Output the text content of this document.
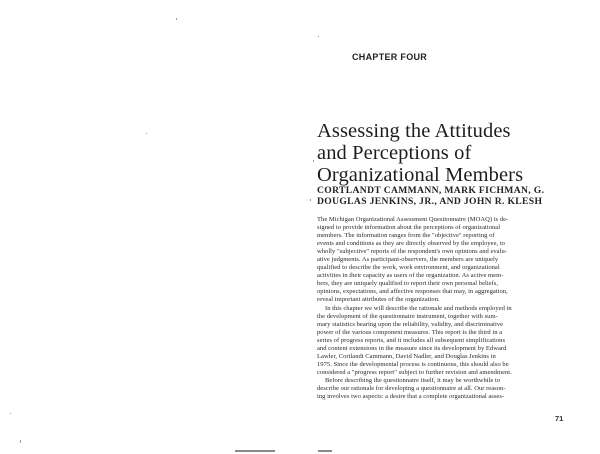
CHAPTER FOUR
Assessing the Attitudes
and Perceptions of
Organizational Members
CORTLANDT CAMMANN, MARK FICHMAN, G.
DOUGLAS JENKINS, JR., AND JOHN R. KLESH
The Michigan Organizational Assessment Questionnaire (MOAQ) is de-
signed to provide information about the perceptions of organizational
members. The information ranges from the "objective" reporting of
events and conditions as they are directly observed by the employee, to
wholly "subjective" reports of the respondent's own opinions and evalu-
ative judgments. As participant-observers, the members are uniquely
qualified to describe the work, work environment, and organizational
activities in their capacity as users of the organization. As active mem-
bers, they are uniquely qualified to report their own personal beliefs,
opinions, expectations, and affective responses that may, in aggregation,
reveal important attributes of the organization.
In this chapter we will describe the rationale and methods employed in
the development of the questionnaire instrument, together with sum-
mary statistics bearing upon the reliability, validity, and discriminative
power of the various component measures. This report is the third in a
series of progress reports, and it includes all subsequent simplifications
and content extensions in the measure since its development by Edward
Lawler, Cortlandt Cammann, David Nadler, and Douglas Jenkins in
1975. Since the developmental process is continuous, this should also be
considered a "progress report" subject to further revision and amendment.
Before describing the questionnaire itself, it may be worthwhile to
describe our rationale for developing a questionnaire at all. Our reason-
ing involves two aspects: a desire that a complete organizational asses-
71
